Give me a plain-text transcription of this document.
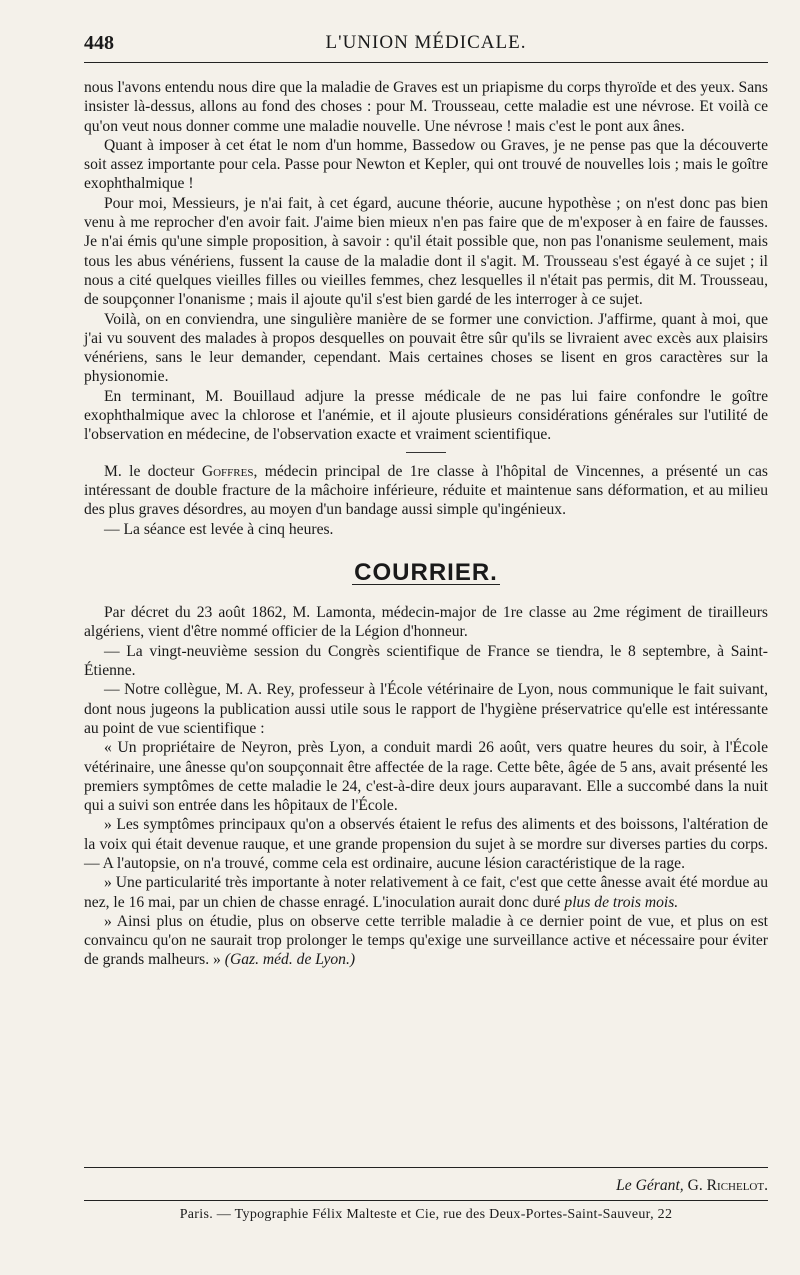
448	L'UNION MÉDICALE.

nous l'avons entendu nous dire que la maladie de Graves est un priapisme du corps thyroïde et des yeux. Sans insister là-dessus, allons au fond des choses : pour M. Trousseau, cette maladie est une névrose. Et voilà ce qu'on veut nous donner comme une maladie nouvelle. Une névrose ! mais c'est le pont aux ânes.

Quant à imposer à cet état le nom d'un homme, Bassedow ou Graves, je ne pense pas que la découverte soit assez importante pour cela. Passe pour Newton et Kepler, qui ont trouvé de nouvelles lois ; mais le goître exophthalmique !

Pour moi, Messieurs, je n'ai fait, à cet égard, aucune théorie, aucune hypothèse ; on n'est donc pas bien venu à me reprocher d'en avoir fait. J'aime bien mieux n'en pas faire que de m'exposer à en faire de fausses. Je n'ai émis qu'une simple proposition, à savoir : qu'il était possible que, non pas l'onanisme seulement, mais tous les abus vénériens, fussent la cause de la maladie dont il s'agit. M. Trousseau s'est égayé à ce sujet ; il nous a cité quelques vieilles filles ou vieilles femmes, chez lesquelles il n'était pas permis, dit M. Trousseau, de soupçonner l'onanisme ; mais il ajoute qu'il s'est bien gardé de les interroger à ce sujet.

Voilà, on en conviendra, une singulière manière de se former une conviction. J'affirme, quant à moi, que j'ai vu souvent des malades à propos desquelles on pouvait être sûr qu'ils se livraient avec excès aux plaisirs vénériens, sans le leur demander, cependant. Mais certaines choses se lisent en gros caractères sur la physionomie.

En terminant, M. Bouillaud adjure la presse médicale de ne pas lui faire confondre le goître exophthalmique avec la chlorose et l'anémie, et il ajoute plusieurs considérations générales sur l'utilité de l'observation en médecine, de l'observation exacte et vraiment scientifique.

M. le docteur Goffres, médecin principal de 1re classe à l'hôpital de Vincennes, a présenté un cas intéressant de double fracture de la mâchoire inférieure, réduite et maintenue sans déformation, et au milieu des plus graves désordres, au moyen d'un bandage aussi simple qu'ingénieux.

— La séance est levée à cinq heures.

COURRIER.

Par décret du 23 août 1862, M. Lamonta, médecin-major de 1re classe au 2me régiment de tirailleurs algériens, vient d'être nommé officier de la Légion d'honneur.

— La vingt-neuvième session du Congrès scientifique de France se tiendra, le 8 septembre, à Saint-Étienne.

— Notre collègue, M. A. Rey, professeur à l'École vétérinaire de Lyon, nous communique le fait suivant, dont nous jugeons la publication aussi utile sous le rapport de l'hygiène préservatrice qu'elle est intéressante au point de vue scientifique :

« Un propriétaire de Neyron, près Lyon, a conduit mardi 26 août, vers quatre heures du soir, à l'École vétérinaire, une ânesse qu'on soupçonnait être affectée de la rage. Cette bête, âgée de 5 ans, avait présenté les premiers symptômes de cette maladie le 24, c'est-à-dire deux jours auparavant. Elle a succombé dans la nuit qui a suivi son entrée dans les hôpitaux de l'École.

» Les symptômes principaux qu'on a observés étaient le refus des aliments et des boissons, l'altération de la voix qui était devenue rauque, et une grande propension du sujet à se mordre sur diverses parties du corps. — A l'autopsie, on n'a trouvé, comme cela est ordinaire, aucune lésion caractéristique de la rage.

» Une particularité très importante à noter relativement à ce fait, c'est que cette ânesse avait été mordue au nez, le 16 mai, par un chien de chasse enragé. L'inoculation aurait donc duré plus de trois mois.

» Ainsi plus on étudie, plus on observe cette terrible maladie à ce dernier point de vue, et plus on est convaincu qu'on ne saurait trop prolonger le temps qu'exige une surveillance active et nécessaire pour éviter de grands malheurs. » (Gaz. méd. de Lyon.)

Le Gérant, G. Richelot.
Paris. — Typographie Félix Malteste et Cie, rue des Deux-Portes-Saint-Sauveur, 22
